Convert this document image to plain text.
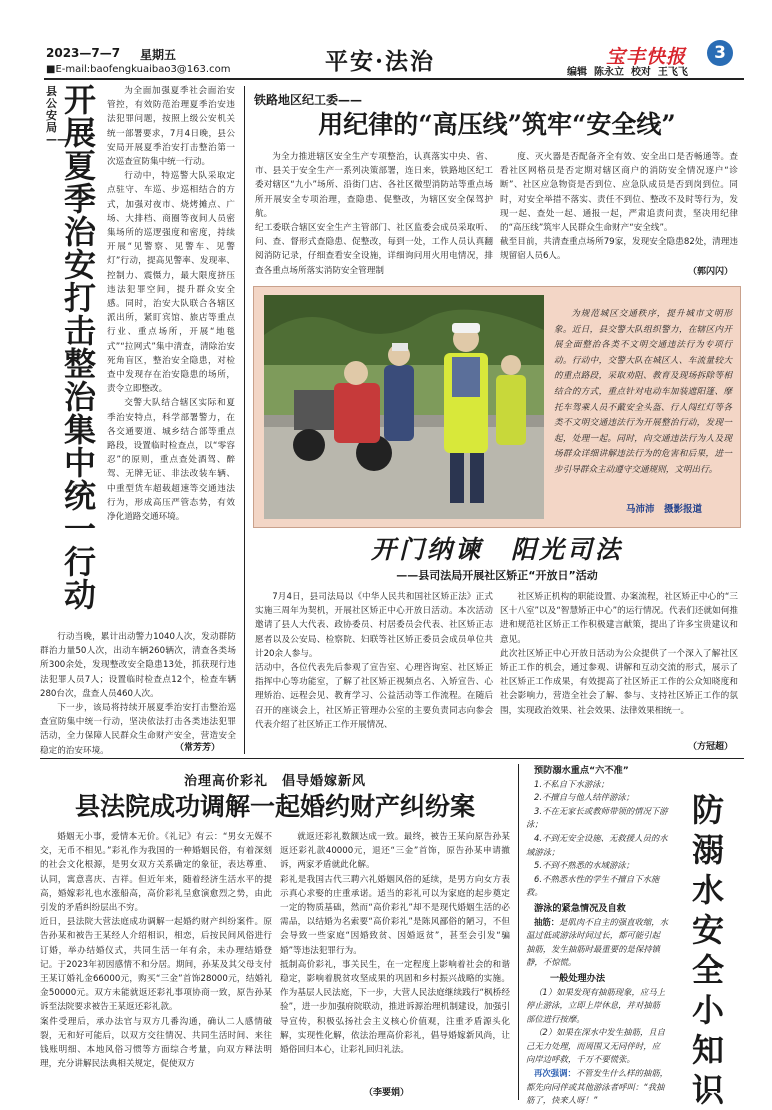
2023—7—7 星期五
■E-mail:baofengkuaibao3@163.com	平安·法治	宝丰快报	3
编辑 陈永立 校对 王飞飞
县公安局——
开展夏季治安打击整治集中统一行动

为全面加强夏季社会面治安管控，有效防范治理夏季治安违法犯罪问题，按照上级公安机关统一部署要求，7月4日晚，县公安局开展夏季治安打击整治第一次巡查宣防集中统一行动。

行动中，特巡警大队采取定点驻守、车巡、步巡相结合的方式，加强对夜市、烧烤摊点、广场、大排档、商圈等夜间人员密集场所的巡逻强度和密度，持续开展“见警察、见警车、见警灯”行动，提高见警率、发现率、控制力、震慑力，最大限度挤压违法犯罪空间，提升群众安全感。同时，治安大队联合各辖区派出所，紧盯宾馆、旅店等重点行业、重点场所，开展“地毯式”“拉网式”集中清查，清除治安死角盲区，整治安全隐患，对检查中发现存在治安隐患的场所，责令立即整改。

交警大队结合辖区实际和夏季治安特点，科学部署警力，在各交通要道、城乡结合部等重点路段，设置临时检查点，以“零容忍”的原则，重点查处酒驾、醉驾、无牌无证、非法改装车辆、中重型货车超载超速等交通违法行为，形成高压严管态势，有效净化道路交通环境。

行动当晚，累计出动警力1040人次，发动群防群治力量50人次，出动车辆260辆次，清查各类场所300余处，发现整改安全隐患13处，抓获现行违法犯罪人员7人；设置临时检查点12个，检查车辆280台次，盘查人员460人次。

下一步，该局将持续开展夏季治安打击整治巡查宣防集中统一行动，坚决依法打击各类违法犯罪活动，全力保障人民群众生命财产安全，营造安全稳定的治安环境。	（常芳芳）
铁路地区纪工委——
用纪律的“高压线”筑牢“安全线”
为全力推进辖区安全生产专项整治，认真落实中央、省、市、县关于安全生产一系列决策部署，连日来，铁路地区纪工委对辖区“九小”场所、沿街门店、各社区微型消防站等重点场所开展安全专项治理，查隐患、促整改，为辖区安全保驾护航。
纪工委联合辖区安全生产主管部门、社区监委会成员采取听、问、查、督形式查隐患、促整改，每到一处，工作人员认真翻阅消防记录，仔细查看安全设施，详细询问用火用电情况，排查各重点场所落实消防安全管理制
度、灭火器是否配备齐全有效、安全出口是否畅通等。查看社区网格员是否定期对辖区商户的消防安全情况逐户“诊断”、社区应急物资是否到位、应急队成员是否到岗到位。同时，对安全举措不落实、责任不到位、整改不及时等行为，发现一起、查处一起、通报一起，严肃追责问责，坚决用纪律的“高压线”筑牢人民群众生命财产“安全线”。
截至目前，共清查重点场所79家，发现安全隐患82处，清理违规留宿人员6人。
（郭闪闪）
为规范城区交通秩序，提升城市文明形象。近日，县交警大队组织警力，在辖区内开展全面整治各类不文明交通违法行为专项行动。行动中，交警大队在城区人、车流量较大的重点路段，采取劝阻、教育及现场拆除等相结合的方式，重点针对电动车加装遮阳篷、摩托车驾乘人员不戴安全头盔、行人闯红灯等各类不文明交通违法行为开展整治行动，发现一起，处理一起。同时，向交通违法行为人及现场群众详细讲解违法行为的危害和后果，进一步引导群众主动遵守交通规则，文明出行。
马沛沛　摄影报道
开门纳谏　阳光司法
——县司法局开展社区矫正“开放日”活动
7月4日，县司法局以《中华人民共和国社区矫正法》正式实施三周年为契机，开展社区矫正中心开放日活动。本次活动邀请了县人大代表、政协委员、村居委员会代表、社区矫正志愿者以及公安局、检察院、妇联等社区矫正委员会成员单位共计20余人参与。
活动中，各位代表先后参观了宣告室、心理咨询室、社区矫正指挥中心等功能室，了解了社区矫正视频点名、入矫宣告、心理矫治、远程会见、教育学习、公益活动等工作流程。在随后召开的座谈会上，社区矫正管理办公室的主要负责同志向参会代表介绍了社区矫正工作开展情况、
社区矫正机构的职能设置、办案流程，社区矫正中心的“三区十八室”以及“智慧矫正中心”的运行情况。代表们还就如何推进和规范社区矫正工作积极建言献策，提出了许多宝贵建议和意见。
此次社区矫正中心开放日活动为公众提供了一个深入了解社区矫正工作的机会，通过参观、讲解和互动交流的形式，展示了社区矫正工作成果，有效提高了社区矫正工作的公众知晓度和社会影响力，营造全社会了解、参与、支持社区矫正工作的氛围，实现政治效果、社会效果、法律效果相统一。
（方冠超）
治理高价彩礼　倡导婚嫁新风
县法院成功调解一起婚约财产纠纷案
婚姻无小事，爱情本无价。《礼记》有云：“男女无媒不交，无币不相见。”彩礼作为我国的一种婚姻民俗，有着深刻的社会文化根源，是男女双方关系确定的象征，表达尊重、认同，寓意喜庆、吉祥。但近年来，随着经济生活水平的提高，婚嫁彩礼也水涨船高，高价彩礼呈愈演愈烈之势，由此引发的矛盾纠纷层出不穷。
近日，县法院大营法庭成功调解一起婚约财产纠纷案件。原告孙某和被告王某经人介绍相识，相恋，后按民间风俗进行订婚，举办结婚仪式，共同生活一年有余，未办理结婚登记。于2023年初因感情不和分居。期间，孙某及其父母支付王某订婚礼金66000元，购买“三金”首饰28000元，结婚礼金50000元。双方未能就返还彩礼事项协商一致，原告孙某诉至法院要求被告王某返还彩礼款。
案件受理后，承办法官与双方几番沟通，确认二人感情破裂，无和好可能后，以双方交往情况、共同生活时间、来往钱账明细、本地风俗习惯等方面综合考量，向双方释法明理，充分讲解民法典相关规定，促使双方
就返还彩礼数额达成一致。最终，被告王某向原告孙某返还彩礼款40000元，退还“三金”首饰，原告孙某申请撤诉，两家矛盾就此化解。
彩礼是我国古代三聘六礼婚姻风俗的延续，是男方向女方表示真心求娶的庄重承诺。适当的彩礼可以为家庭的起步奠定一定的物质基础，然而“高价彩礼”却不是现代婚姻生活的必需品，以结婚为名索要“高价彩礼”是陈风鄙俗的陋习，不但会导致一些家庭“因婚致贫、因婚返贫”，甚至会引发“骗婚”等违法犯罪行为。
抵制高价彩礼，事关民生，在一定程度上影响着社会的和谐稳定，影响着脱贫攻坚成果的巩固和乡村振兴战略的实施。作为基层人民法庭，下一步，大营人民法庭继续践行“枫桥经验”，进一步加强府院联动，推进诉源治理机制建设，加强引导宣传，积极弘扬社会主义核心价值观，注重矛盾源头化解，实现性化解，依法治理高价彩礼，倡导婚嫁新风尚，让婚俗回归本心，让彩礼回归礼法。
（李要娟）
预防溺水重点“六不准”
1.不私自下水游泳；
2.不擅自与他人结伴游泳；
3.不在无家长或教师带领的情况下游泳；
4.不到无安全设施、无救援人员的水域游泳；
5.不到不熟悉的水域游泳；
6.不熟悉水性的学生不擅自下水施救。
游泳的紧急情况及自救
抽筋：是肌肉不自主的强直收缩，水温过低或游泳时间过长，都可能引起抽筋，发生抽筋时最重要的是保持镇静，不惊慌。
一般处理办法
（1）如果发现有抽筋现象，应马上停止游泳，立即上岸休息，并对抽筋部位进行按摩。
（2）如果在深水中发生抽筋，且自己无力处理，而周围又无同伴时，应向岸边呼救，千万不要慌张。
再次强调：不管发生什么样的抽筋，都先向同伴或其他游泳者呼叫：“我抽筋了，快来人呀！”
防溺水安全小知识
